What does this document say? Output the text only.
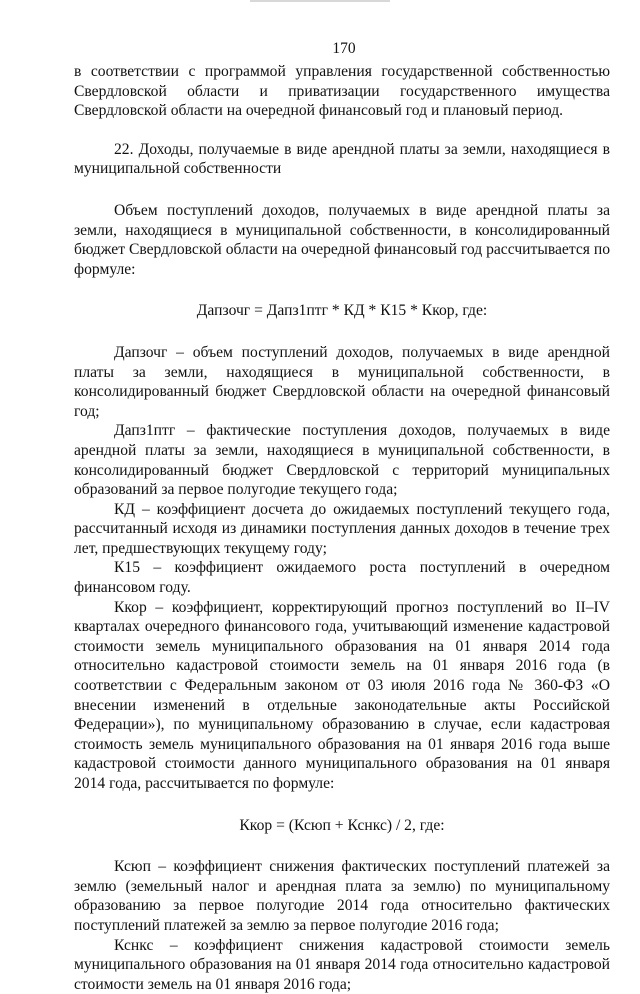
170

в соответствии с программой управления государственной собственностью Свердловской области и приватизации государственного имущества Свердловской области на очередной финансовый год и плановый период.

22. Доходы, получаемые в виде арендной платы за земли, находящиеся в муниципальной собственности

Объем поступлений доходов, получаемых в виде арендной платы за земли, находящиеся в муниципальной собственности, в консолидированный бюджет Свердловской области на очередной финансовый год рассчитывается по формуле:

Дапзочг = Дапз1птг * КД * К15 * Ккор, где:

Дапзочг – объем поступлений доходов, получаемых в виде арендной платы за земли, находящиеся в муниципальной собственности, в консолидированный бюджет Свердловской области на очередной финансовый год;

Дапз1птг – фактические поступления доходов, получаемых в виде арендной платы за земли, находящиеся в муниципальной собственности, в консолидированный бюджет Свердловской с территорий муниципальных образований за первое полугодие текущего года;

КД – коэффициент досчета до ожидаемых поступлений текущего года, рассчитанный исходя из динамики поступления данных доходов в течение трех лет, предшествующих текущему году;

К15 – коэффициент ожидаемого роста поступлений в очередном финансовом году.

Ккор – коэффициент, корректирующий прогноз поступлений во II–IV кварталах очередного финансового года, учитывающий изменение кадастровой стоимости земель муниципального образования на 01 января 2014 года относительно кадастровой стоимости земель на 01 января 2016 года (в соответствии с Федеральным законом от 03 июля 2016 года № 360-ФЗ «О внесении изменений в отдельные законодательные акты Российской Федерации»), по муниципальному образованию в случае, если кадастровая стоимость земель муниципального образования на 01 января 2016 года выше кадастровой стоимости данного муниципального образования на 01 января 2014 года, рассчитывается по формуле:

Ккор = (Ксюп + Кснкс) / 2, где:

Ксюп – коэффициент снижения фактических поступлений платежей за землю (земельный налог и арендная плата за землю) по муниципальному образованию за первое полугодие 2014 года относительно фактических поступлений платежей за землю за первое полугодие 2016 года;

Кснкс – коэффициент снижения кадастровой стоимости земель муниципального образования на 01 января 2014 года относительно кадастровой стоимости земель на 01 января 2016 года;
